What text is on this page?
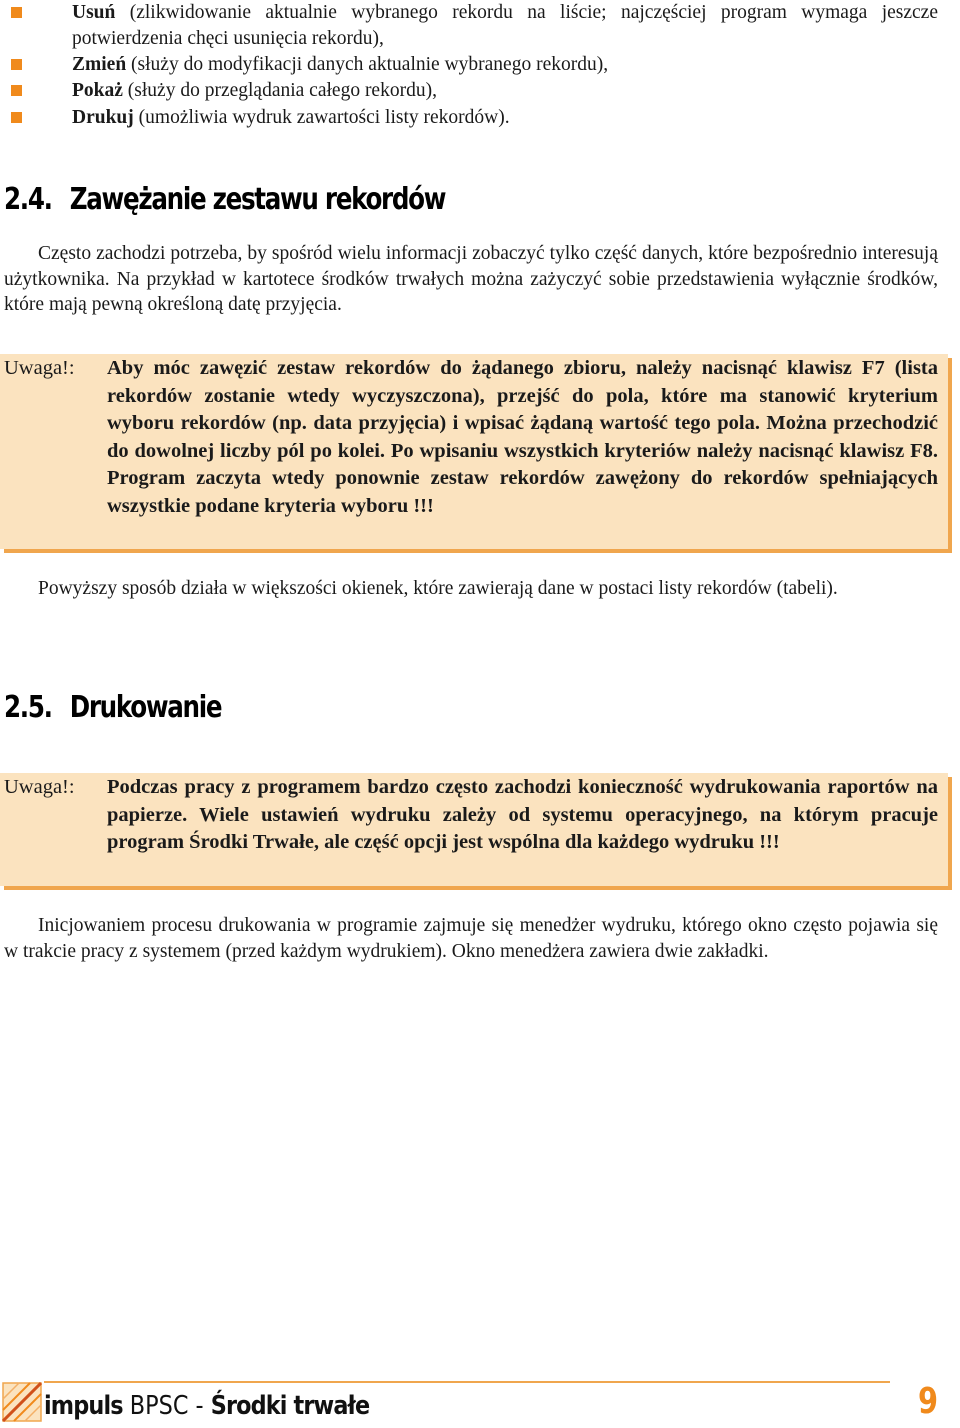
Usuń (zlikwidowanie aktualnie wybranego rekordu na liście; najczęściej program wymaga jeszcze potwierdzenia chęci usunięcia rekordu),
Zmień (służy do modyfikacji danych aktualnie wybranego rekordu),
Pokaż (służy do przeglądania całego rekordu),
Drukuj (umożliwia wydruk zawartości listy rekordów).
2.4. Zawężanie zestawu rekordów
Często zachodzi potrzeba, by spośród wielu informacji zobaczyć tylko część danych, które bezpośrednio interesują użytkownika. Na przykład w kartotece środków trwałych można zażyczyć sobie przedstawienia wyłącznie środków, które mają pewną określoną datę przyjęcia.
Uwaga!: Aby móc zawęzić zestaw rekordów do żądanego zbioru, należy nacisnąć klawisz F7 (lista rekordów zostanie wtedy wyczyszczona), przejść do pola, które ma stanowić kryterium wyboru rekordów (np. data przyjęcia) i wpisać żądaną wartość tego pola. Można przechodzić do dowolnej liczby pól po kolei. Po wpisaniu wszystkich kryteriów należy nacisnąć klawisz F8. Program zaczyta wtedy ponownie zestaw rekordów zawężony do rekordów spełniających wszystkie podane kryteria wyboru !!!
Powyższy sposób działa w większości okienek, które zawierają dane w postaci listy rekordów (tabeli).
2.5. Drukowanie
Uwaga!: Podczas pracy z programem bardzo często zachodzi konieczność wydrukowania raportów na papierze. Wiele ustawień wydruku zależy od systemu operacyjnego, na którym pracuje program Środki Trwałe, ale część opcji jest wspólna dla każdego wydruku !!!
Inicjowaniem procesu drukowania w programie zajmuje się menedżer wydruku, którego okno często pojawia się w trakcie pracy z systemem (przed każdym wydrukiem). Okno menedżera zawiera dwie zakładki.
impuls BPSC - Środki trwałe	9
